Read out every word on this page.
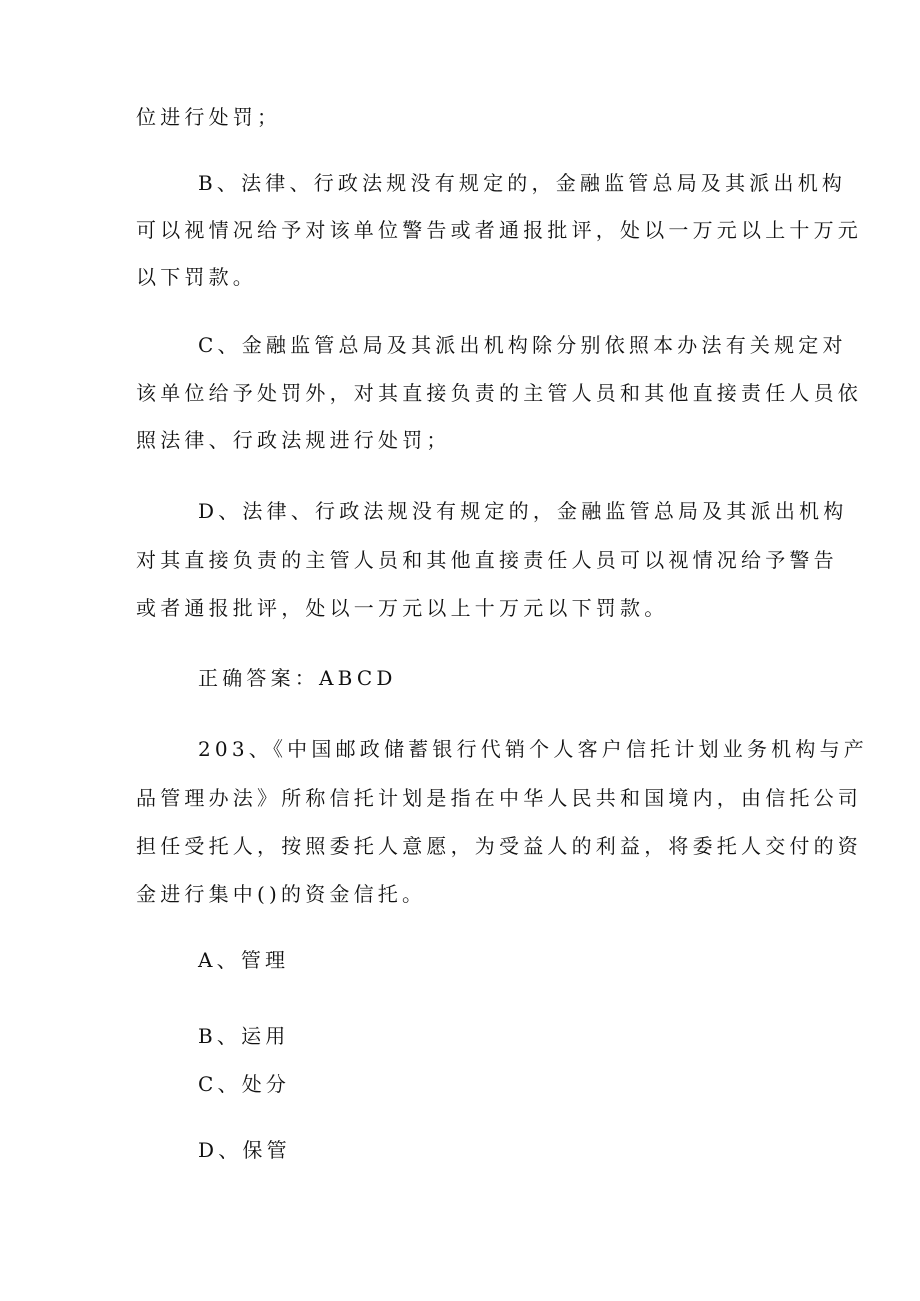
位进行处罚；
B、法律、行政法规没有规定的，金融监管总局及其派出机构
可以视情况给予对该单位警告或者通报批评，处以一万元以上十万元
以下罚款。
C、金融监管总局及其派出机构除分别依照本办法有关规定对
该单位给予处罚外，对其直接负责的主管人员和其他直接责任人员依
照法律、行政法规进行处罚；
D、法律、行政法规没有规定的，金融监管总局及其派出机构
对其直接负责的主管人员和其他直接责任人员可以视情况给予警告
或者通报批评，处以一万元以上十万元以下罚款。
正确答案：ABCD
203、《中国邮政储蓄银行代销个人客户信托计划业务机构与产
品管理办法》所称信托计划是指在中华人民共和国境内，由信托公司
担任受托人，按照委托人意愿，为受益人的利益，将委托人交付的资
金进行集中()的资金信托。
A、管理
B、运用
C、处分
D、保管
